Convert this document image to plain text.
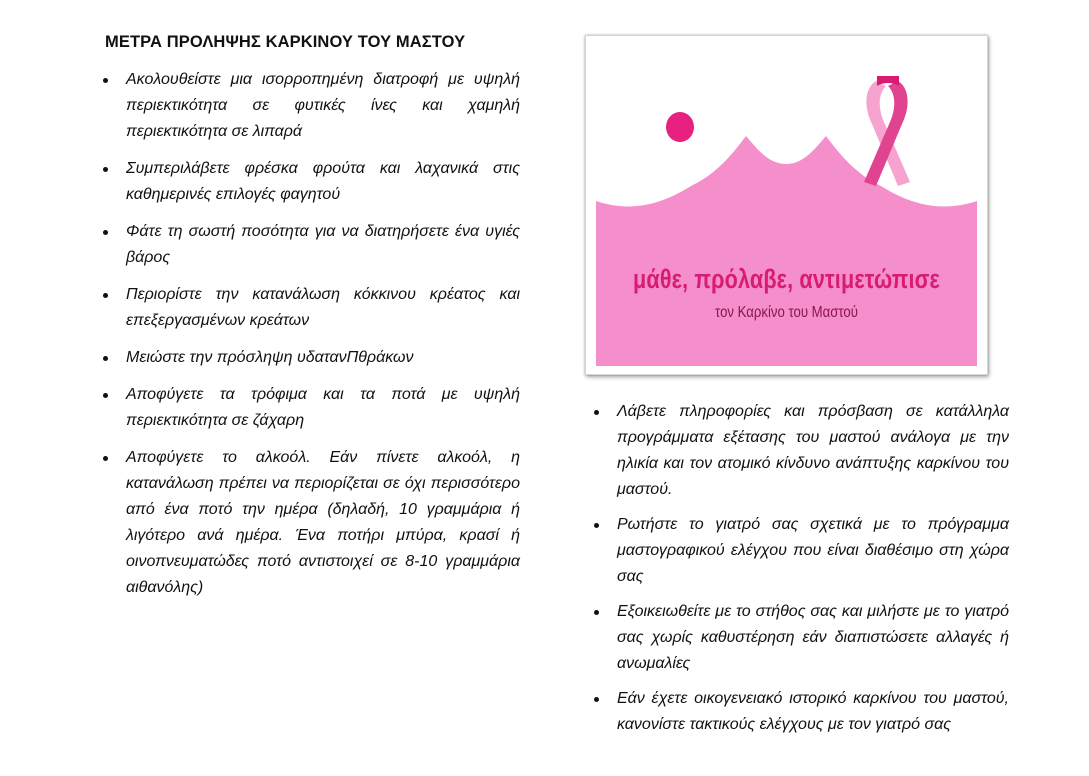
ΜΕΤΡΑ ΠΡΟΛΗΨΗΣ ΚΑΡΚΙΝΟΥ ΤΟΥ ΜΑΣΤΟΥ
Ακολουθείστε μια ισορροπημένη διατροφή με υψηλή περιεκτικότητα σε φυτικές ίνες και χαμηλή περιεκτικότητα σε λιπαρά
Συμπεριλάβετε φρέσκα φρούτα και λαχανικά στις καθημερινές επιλογές φαγητού
Φάτε τη σωστή ποσότητα για να διατηρήσετε ένα υγιές βάρος
Περιορίστε την κατανάλωση κόκκινου κρέατος και επεξεργασμένων κρεάτων
Μειώστε την πρόσληψη υδατανΠθράκων
Αποφύγετε τα τρόφιμα και τα ποτά με υψηλή περιεκτικότητα σε ζάχαρη
Αποφύγετε το αλκοόλ. Εάν πίνετε αλκοόλ, η κατανάλωση πρέπει να περιορίζεται σε όχι περισσότερο από ένα ποτό την ημέρα (δηλαδή, 10 γραμμάρια ή λιγότερο ανά ημέρα. Ένα ποτήρι μπύρα, κρασί ή οινοπνευματώδες ποτό αντιστοιχεί σε 8-10 γραμμάρια αιθανόλης)
μάθε, πρόλαβε, αντιμετώπισε
τον Καρκίνο του Μαστού
Λάβετε πληροφορίες και πρόσβαση σε κατάλληλα προγράμματα εξέτασης του μαστού ανάλογα με την ηλικία και τον ατομικό κίνδυνο ανάπτυξης καρκίνου του μαστού.
Ρωτήστε το γιατρό σας σχετικά με το πρόγραμμα μαστογραφικού ελέγχου που είναι διαθέσιμο στη χώρα σας
Εξοικειωθείτε με το στήθος σας και μιλήστε με το γιατρό σας χωρίς καθυστέρηση εάν διαπιστώσετε αλλαγές ή ανωμαλίες
Εάν έχετε οικογενειακό ιστορικό καρκίνου του μαστού, κανονίστε τακτικούς ελέγχους με τον γιατρό σας
